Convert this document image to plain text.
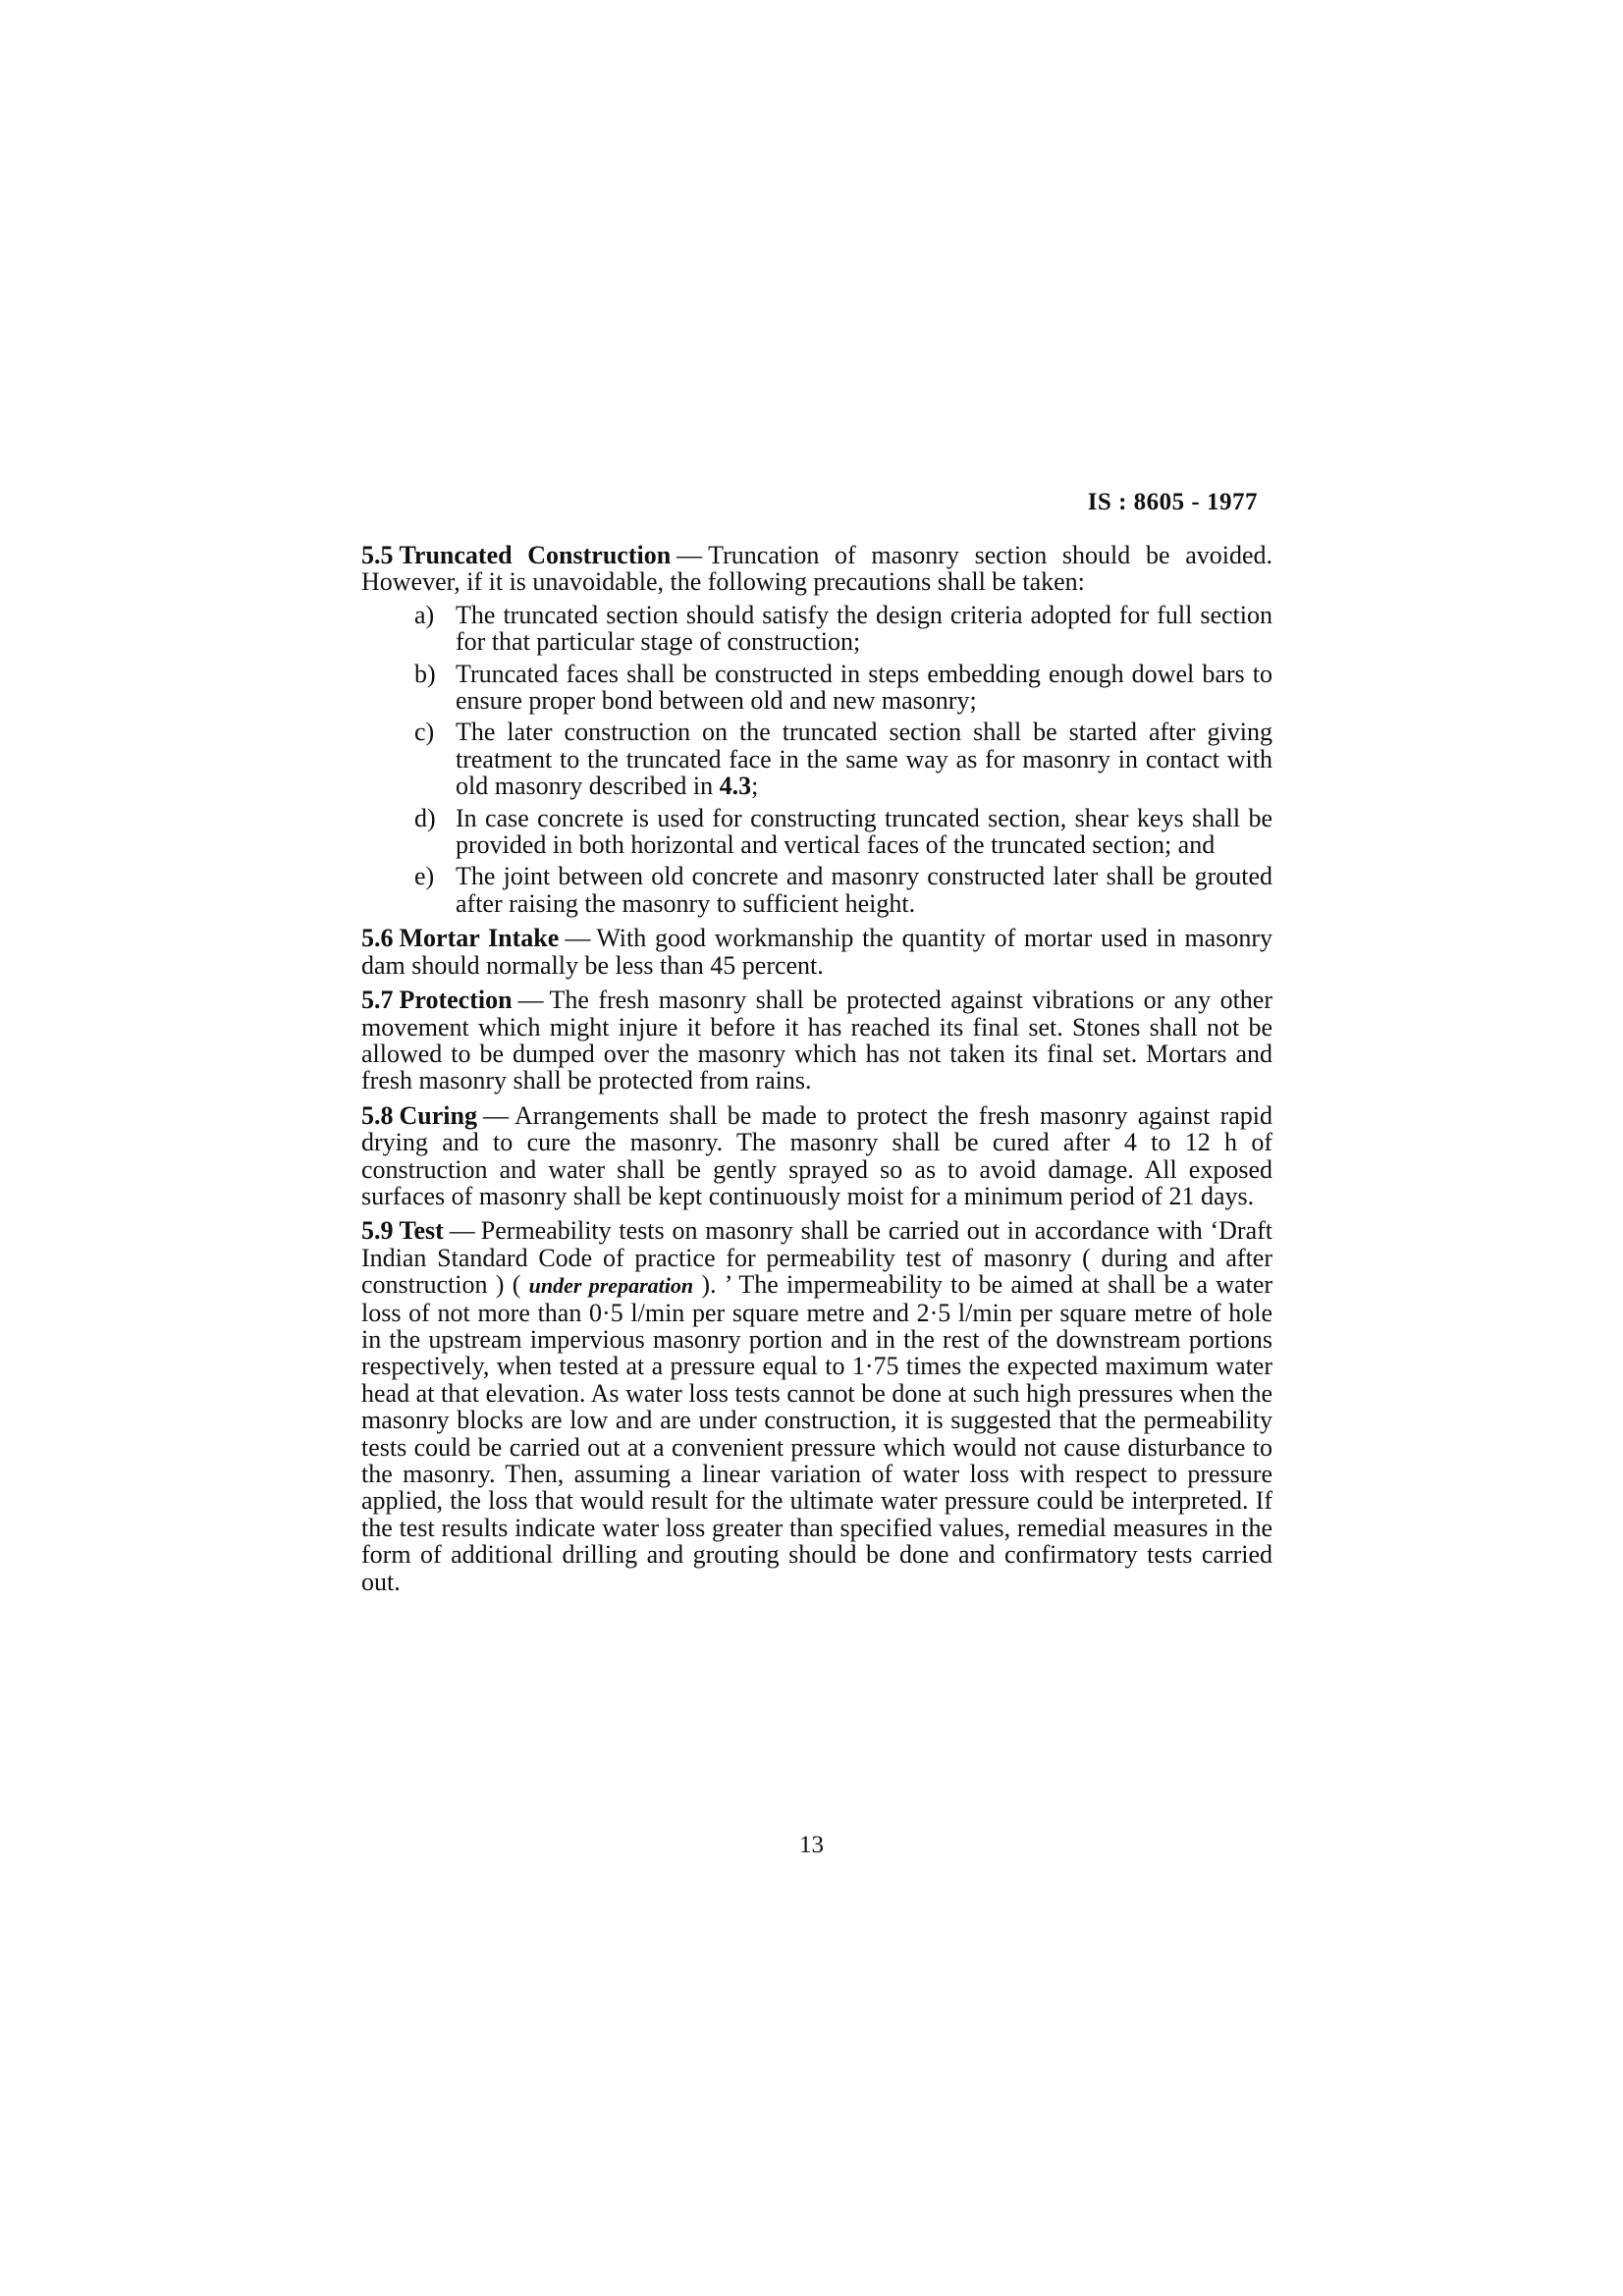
IS : 8605 - 1977

5.5 Truncated Construction — Truncation of masonry section should be avoided. However, if it is unavoidable, the following precautions shall be taken:

a) The truncated section should satisfy the design criteria adopted for full section for that particular stage of construction;
b) Truncated faces shall be constructed in steps embedding enough dowel bars to ensure proper bond between old and new masonry;
c) The later construction on the truncated section shall be started after giving treatment to the truncated face in the same way as for masonry in contact with old masonry described in 4.3;
d) In case concrete is used for constructing truncated section, shear keys shall be provided in both horizontal and vertical faces of the truncated section; and
e) The joint between old concrete and masonry constructed later shall be grouted after raising the masonry to sufficient height.

5.6 Mortar Intake — With good workmanship the quantity of mortar used in masonry dam should normally be less than 45 percent.

5.7 Protection — The fresh masonry shall be protected against vibrations or any other movement which might injure it before it has reached its final set. Stones shall not be allowed to be dumped over the masonry which has not taken its final set. Mortars and fresh masonry shall be protected from rains.

5.8 Curing — Arrangements shall be made to protect the fresh masonry against rapid drying and to cure the masonry. The masonry shall be cured after 4 to 12 h of construction and water shall be gently sprayed so as to avoid damage. All exposed surfaces of masonry shall be kept continuously moist for a minimum period of 21 days.

5.9 Test — Permeability tests on masonry shall be carried out in accordance with ‘Draft Indian Standard Code of practice for permeability test of masonry ( during and after construction ) ( under preparation ). ’ The impermeability to be aimed at shall be a water loss of not more than 0·5 l/min per square metre and 2·5 l/min per square metre of hole in the upstream impervious masonry portion and in the rest of the downstream portions respectively, when tested at a pressure equal to 1·75 times the expected maximum water head at that elevation. As water loss tests cannot be done at such high pressures when the masonry blocks are low and are under construction, it is suggested that the permeability tests could be carried out at a convenient pressure which would not cause disturbance to the masonry. Then, assuming a linear variation of water loss with respect to pressure applied, the loss that would result for the ultimate water pressure could be interpreted. If the test results indicate water loss greater than specified values, remedial measures in the form of additional drilling and grouting should be done and confirmatory tests carried out.

13
